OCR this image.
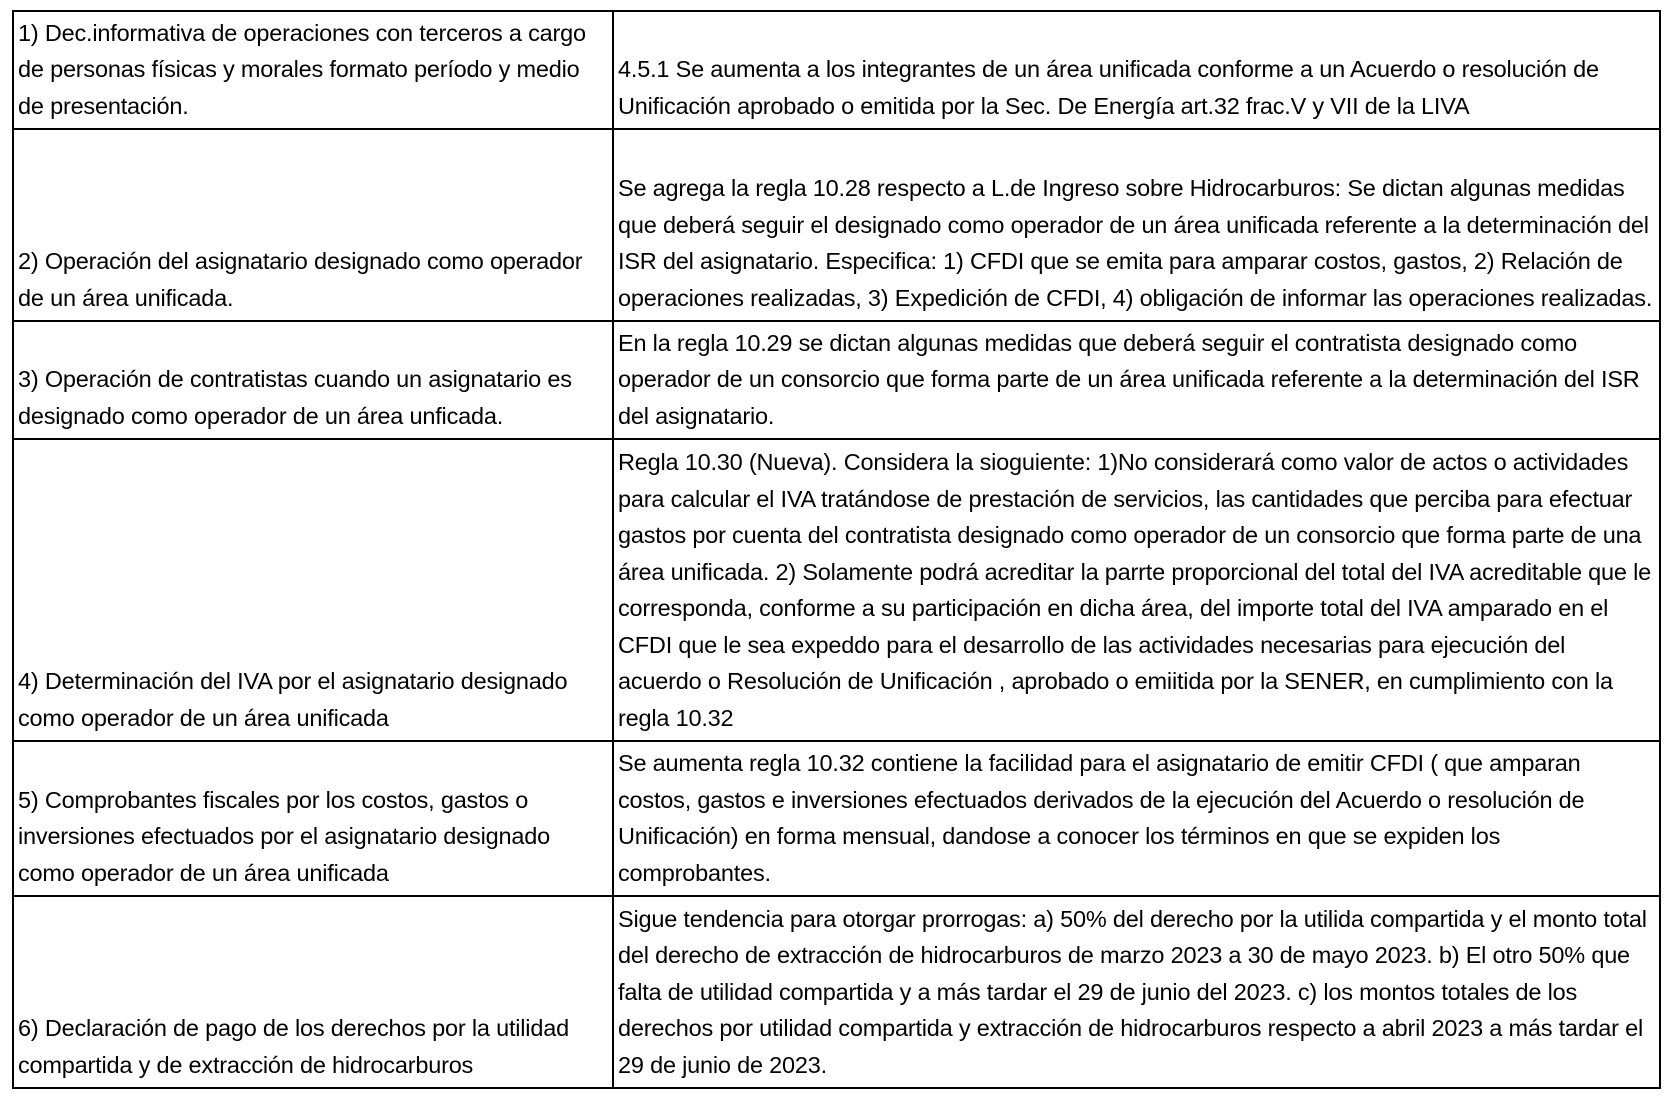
1) Dec.informativa de operaciones con terceros a cargo de personas físicas y morales formato período y medio de presentación.	4.5.1 Se aumenta a los integrantes de un área unificada conforme a un Acuerdo o resolución de Unificación aprobado o emitida por la Sec. De Energía art.32 frac.V y VII de la LIVA
2) Operación del asignatario designado como operador de un área unificada.	Se agrega la regla 10.28 respecto a L.de Ingreso sobre Hidrocarburos: Se dictan algunas medidas que deberá seguir el designado como operador de un área unificada referente a la determinación del ISR del asignatario. Especifica: 1) CFDI que se emita para amparar costos, gastos, 2) Relación de operaciones realizadas, 3) Expedición de CFDI, 4) obligación de informar las operaciones realizadas.
3) Operación de contratistas cuando un asignatario es designado como operador de un área unficada.	En la regla 10.29 se dictan algunas medidas que deberá seguir el contratista designado como operador de un consorcio que forma parte de un área unificada referente a la determinación del ISR del asignatario.
4) Determinación del IVA por el asignatario designado como operador de un área unificada	Regla 10.30 (Nueva). Considera la sioguiente: 1)No considerará como valor de actos o actividades para calcular el IVA tratándose de prestación de servicios, las cantidades que perciba para efectuar gastos por cuenta del contratista designado como operador de un consorcio que forma parte de una área unificada. 2) Solamente podrá acreditar la parrte proporcional del total del IVA acreditable que le corresponda, conforme a su participación en dicha área, del importe total del IVA amparado en el CFDI que le sea expeddo para el desarrollo de las actividades necesarias para ejecución del acuerdo o Resolución de Unificación , aprobado o emiitida por la SENER, en cumplimiento con la regla 10.32
5) Comprobantes fiscales por los costos, gastos o inversiones efectuados por el asignatario designado como operador de un área unificada	Se aumenta regla 10.32 contiene la facilidad para el asignatario de emitir CFDI ( que amparan costos, gastos e inversiones efectuados derivados de la ejecución del Acuerdo o resolución de Unificación) en forma mensual, dandose a conocer los términos en que se expiden los comprobantes.
6) Declaración de pago de los derechos por la utilidad compartida y de extracción de hidrocarburos	Sigue tendencia para otorgar prorrogas: a) 50% del derecho por la utilida compartida y el monto total del derecho de extracción de hidrocarburos de marzo 2023 a 30 de mayo 2023. b) El otro 50% que falta de utilidad compartida y a más tardar el 29 de junio del 2023. c) los montos totales de los derechos por utilidad compartida y extracción de hidrocarburos respecto a abril 2023 a más tardar el 29 de junio de 2023.
